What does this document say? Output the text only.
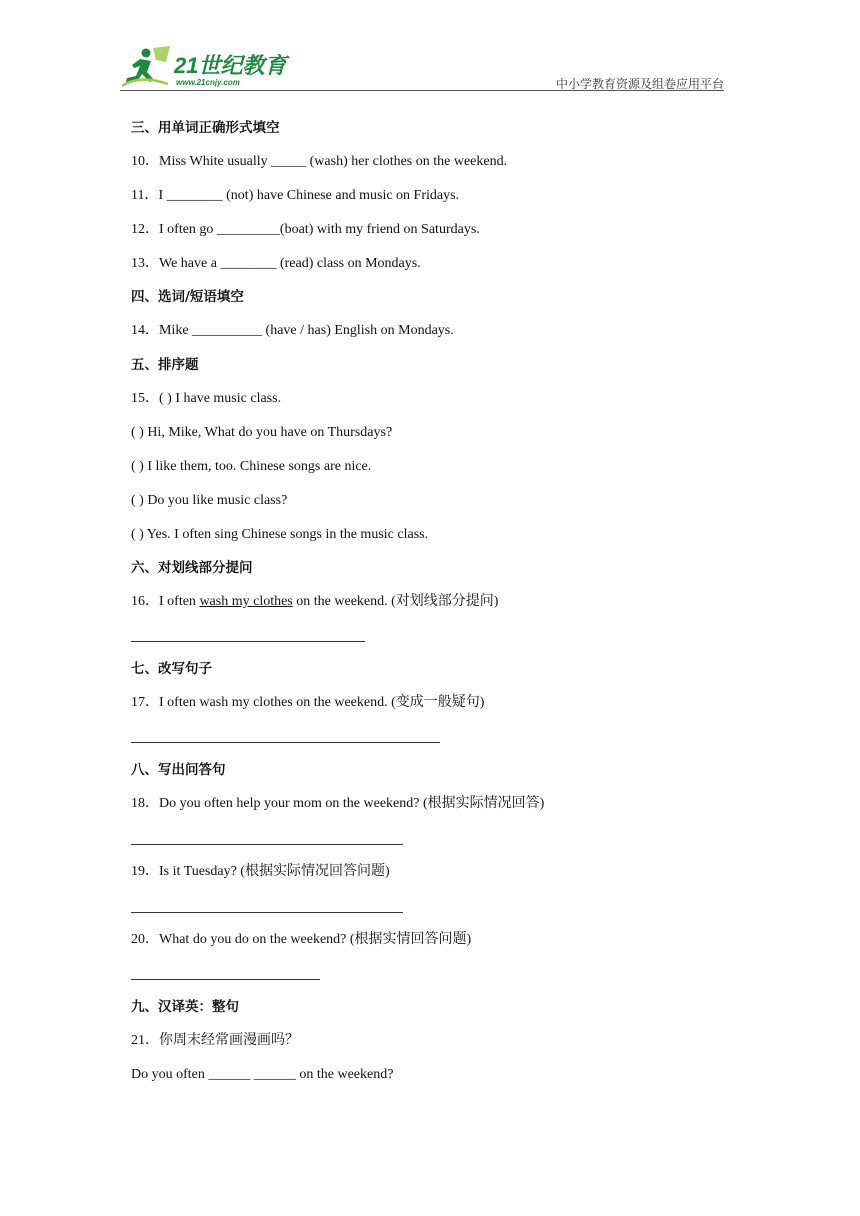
21世纪教育
www.21cnjy.com	中小学教育资源及组卷应用平台
三、用单词正确形式填空
10．Miss White usually _____ (wash) her clothes on the weekend.
11．I ________ (not) have Chinese and music on Fridays.
12．I often go _________(boat) with my friend on Saturdays.
13．We have a ________ (read) class on Mondays.
四、选词/短语填空
14．Mike __________ (have / has) English on Mondays.
五、排序题
15．( ) I have music class.
( ) Hi, Mike, What do you have on Thursdays?
( ) I like them, too. Chinese songs are nice.
( ) Do you like music class?
( ) Yes. I often sing Chinese songs in the music class.
六、对划线部分提问
16．I often wash my clothes on the weekend. (对划线部分提问)
七、改写句子
17．I often wash my clothes on the weekend. (变成一般疑句)
八、写出问答句
18．Do you often help your mom on the weekend? (根据实际情况回答)
19．Is it Tuesday? (根据实际情况回答问题)
20．What do you do on the weekend? (根据实情回答问题)
九、汉译英：整句
21．你周末经常画漫画吗？
Do you often ______ ______ on the weekend?
